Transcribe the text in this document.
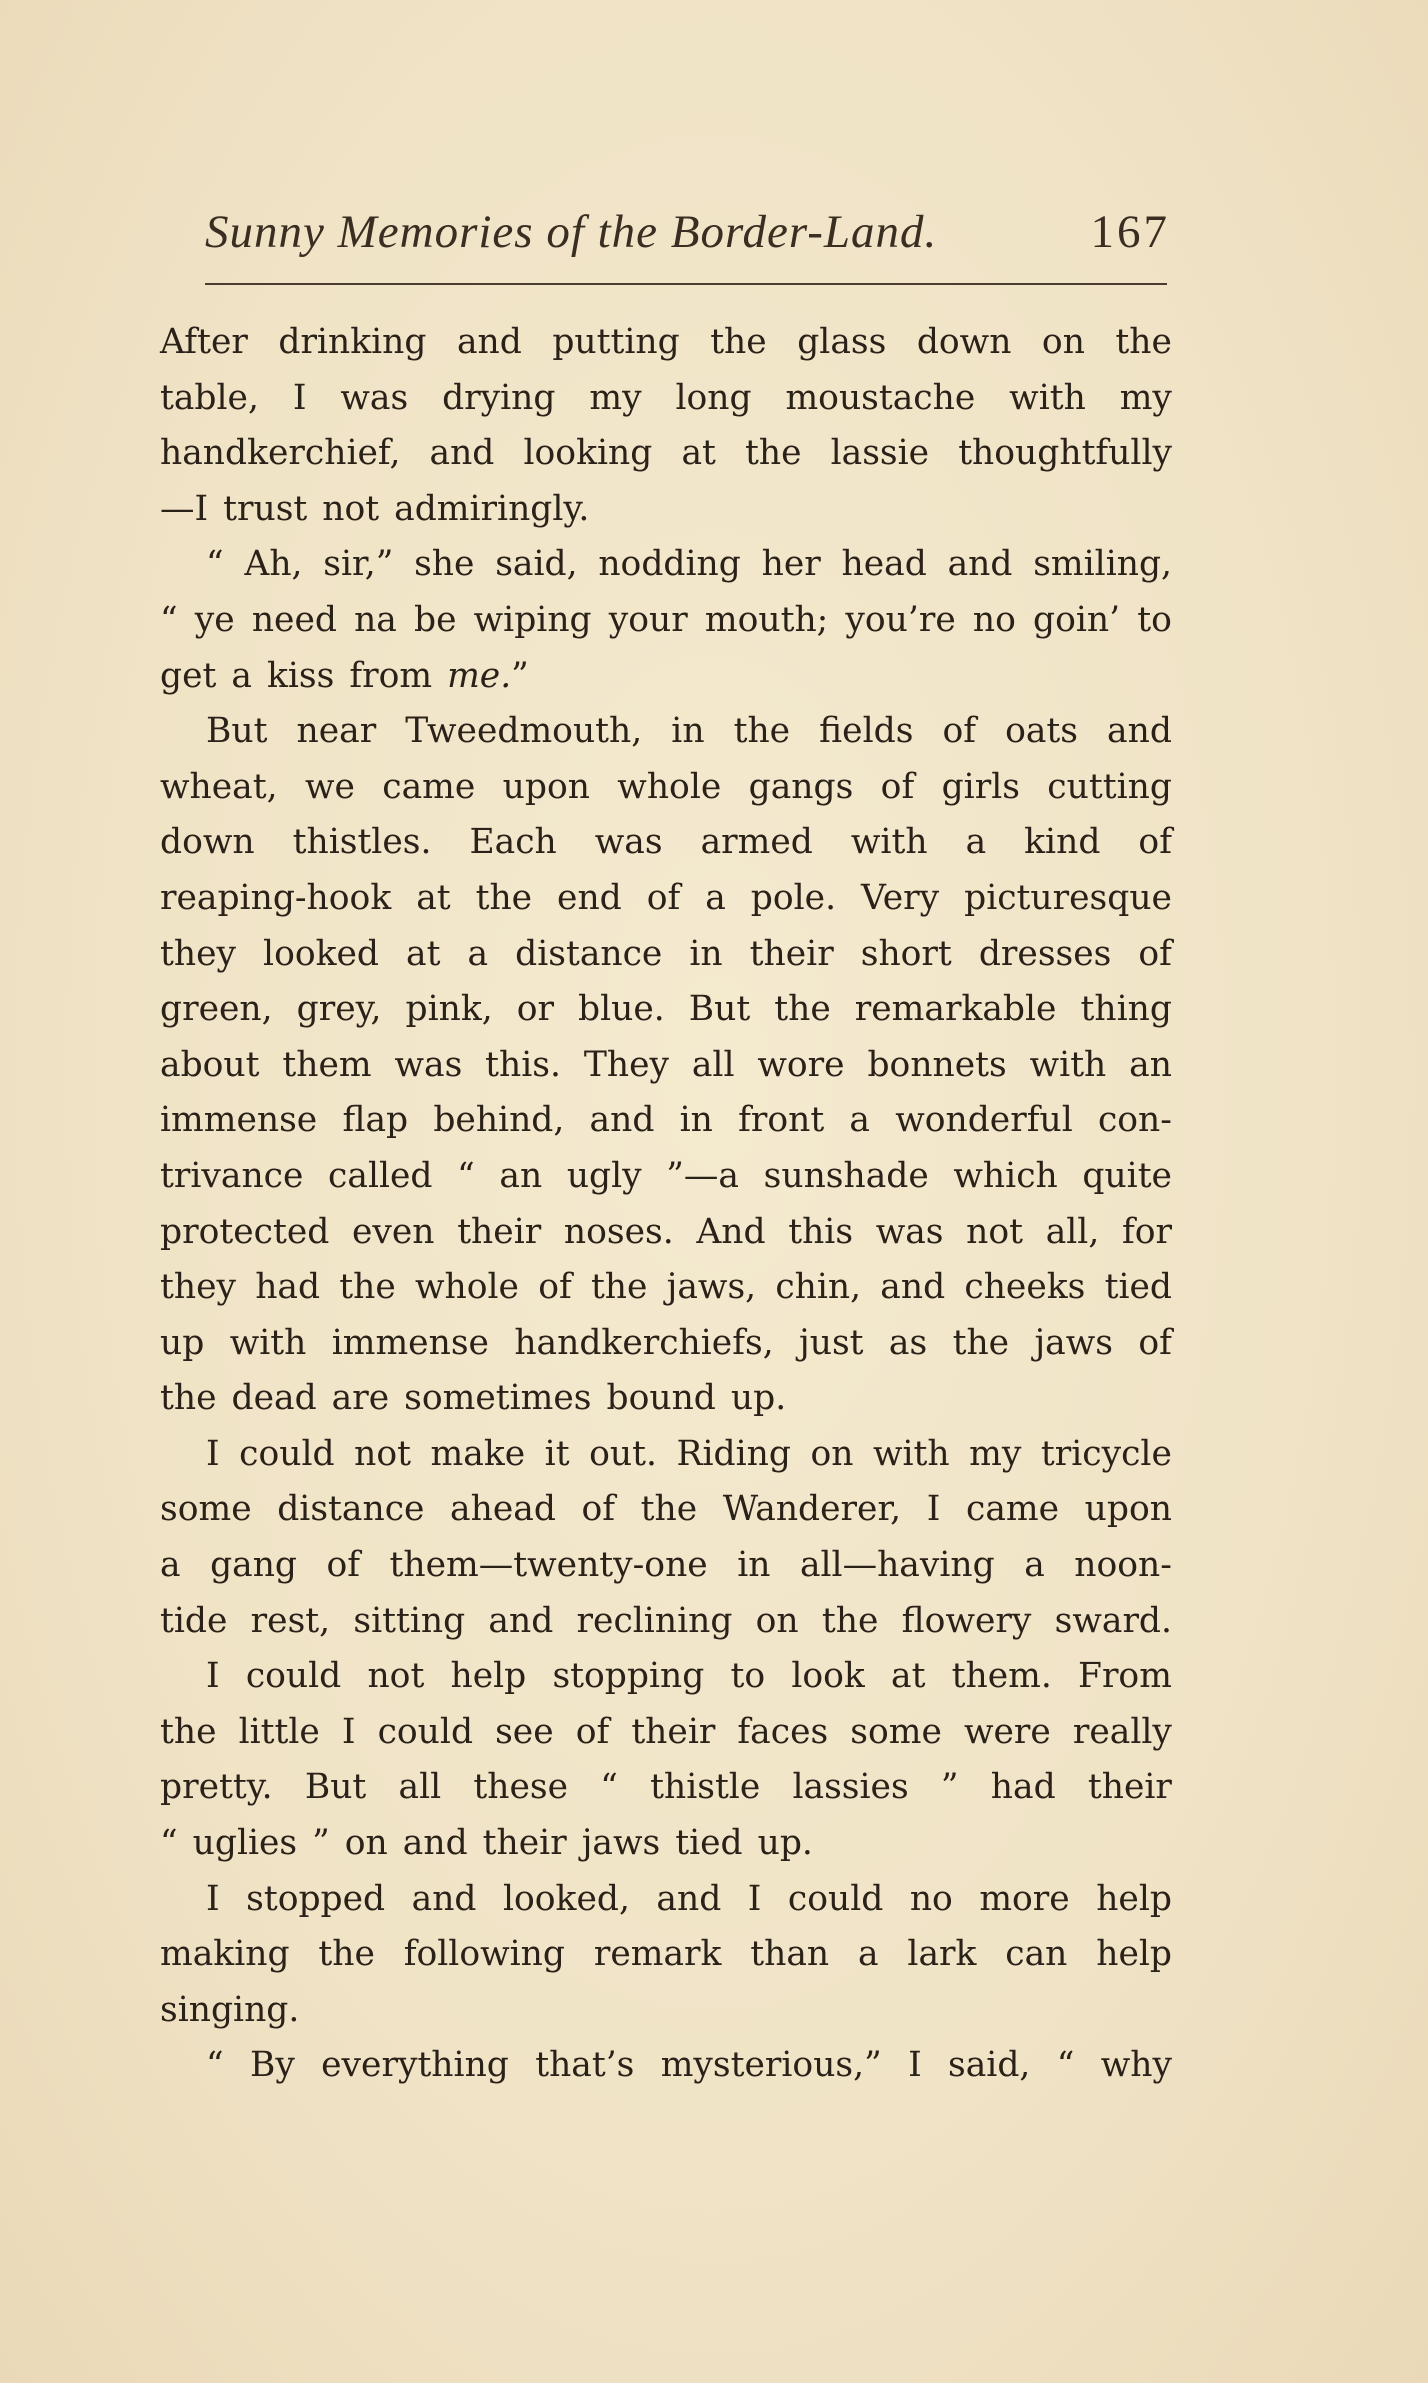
Sunny Memories of the Border-Land.	167
After drinking and putting the glass down on the
table, I was drying my long moustache with my
handkerchief, and looking at the lassie thoughtfully
—I trust not admiringly.
“ Ah, sir,” she said, nodding her head and smiling,
“ ye need na be wiping your mouth; you’re no goin’ to
get a kiss from me.”
But near Tweedmouth, in the fields of oats and
wheat, we came upon whole gangs of girls cutting
down thistles. Each was armed with a kind of
reaping-hook at the end of a pole. Very picturesque
they looked at a distance in their short dresses of
green, grey, pink, or blue. But the remarkable thing
about them was this. They all wore bonnets with an
immense flap behind, and in front a wonderful con-
trivance called “ an ugly ”—a sunshade which quite
protected even their noses. And this was not all, for
they had the whole of the jaws, chin, and cheeks tied
up with immense handkerchiefs, just as the jaws of
the dead are sometimes bound up.
I could not make it out. Riding on with my tricycle
some distance ahead of the Wanderer, I came upon
a gang of them—twenty-one in all—having a noon-
tide rest, sitting and reclining on the flowery sward.
I could not help stopping to look at them. From
the little I could see of their faces some were really
pretty. But all these “ thistle lassies ” had their
“ uglies ” on and their jaws tied up.
I stopped and looked, and I could no more help
making the following remark than a lark can help
singing.
“ By everything that’s mysterious,” I said, “ why
